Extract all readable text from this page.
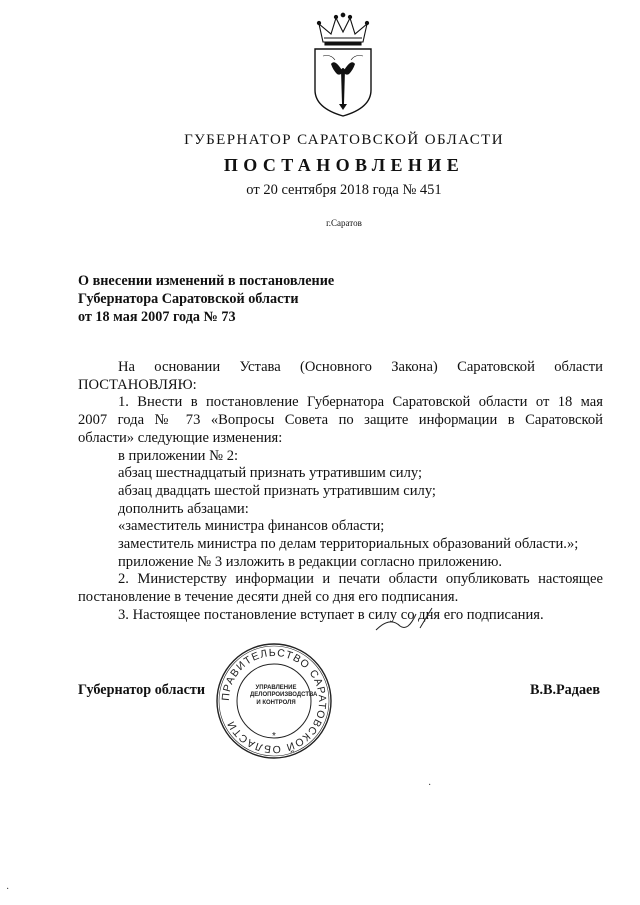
ГУБЕРНАТОР САРАТОВСКОЙ ОБЛАСТИ
ПОСТАНОВЛЕНИЕ
от 20 сентября 2018 года № 451
г.Саратов
О внесении изменений в постановление
Губернатора Саратовской области
от 18 мая 2007 года № 73
На основании Устава (Основного Закона) Саратовской области
ПОСТАНОВЛЯЮ:
1. Внести в постановление Губернатора Саратовской области от 18 мая
2007 года № 73 «Вопросы Совета по защите информации в Саратовской
области» следующие изменения:
в приложении № 2:
абзац шестнадцатый признать утратившим силу;
абзац двадцать шестой признать утратившим силу;
дополнить абзацами:
«заместитель министра финансов области;
заместитель министра по делам территориальных образований области.»;
приложение № 3 изложить в редакции согласно приложению.
2. Министерству информации и печати области опубликовать настоящее
постановление в течение десяти дней со дня его подписания.
3. Настоящее постановление вступает в силу со дня его подписания.
Губернатор области	В.В.Радаев
ПРАВИТЕЛЬСТВО САРАТОВСКОЙ ОБЛАСТИ
*
УПРАВЛЕНИЕ
ДЕЛОПРОИЗВОДСТВА
И КОНТРОЛЯ
·
·
